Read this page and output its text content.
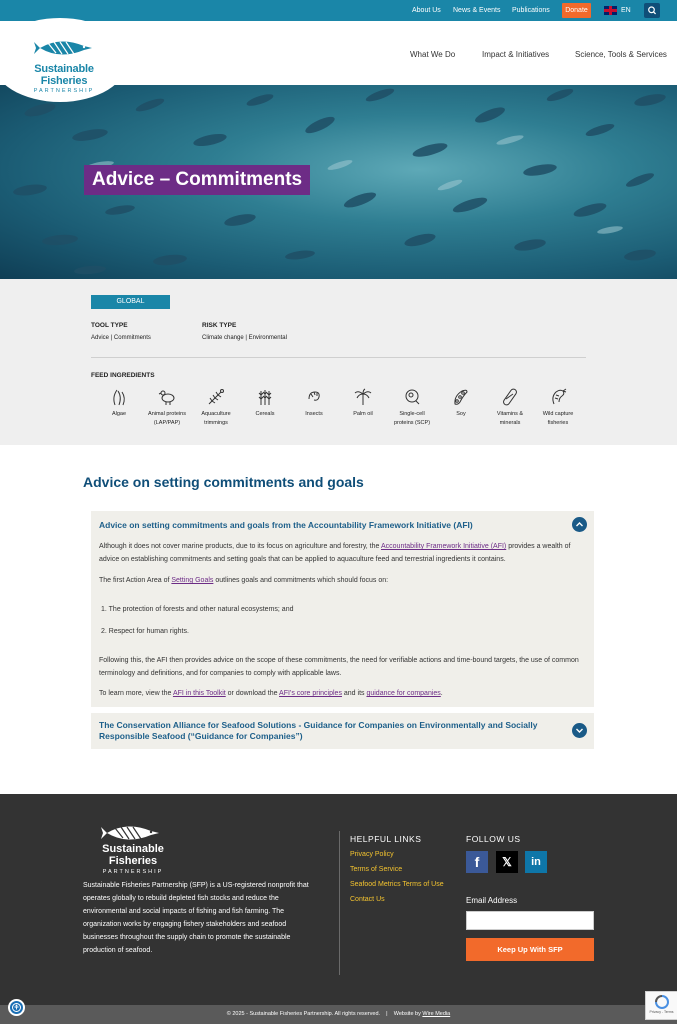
About Us News & Events Publications	Donate	EN
Sustainable Fisheries
PARTNERSHIP
What We Do	Impact & Initiatives	Science, Tools & Services
Advice – Commitments
GLOBAL
TOOL TYPE
Advice | Commitments
RISK TYPE
Climate change | Environmental
FEED INGREDIENTS
Algae	Animal proteins
(LAP/PAP)
Aquaculture
trimmings
Cereals	Insects	Palm oil	Single-cell
proteins (SCP)
Soy	Vitamins &
minerals
Wild capture
fisheries
Advice on setting commitments and goals
Advice on setting commitments and goals from the Accountability Framework Initiative (AFI)

Although it does not cover marine products, due to its focus on agriculture and forestry, the Accountability Framework Initiative (AFI) provides a wealth of advice on establishing commitments and setting goals that can be applied to aquaculture feed and terrestrial ingredients it contains.

The first Action Area of Setting Goals outlines goals and commitments which should focus on:

1. The protection of forests and other natural ecosystems; and

2. Respect for human rights.

Following this, the AFI then provides advice on the scope of these commitments, the need for verifiable actions and time-bound targets, the use of common terminology and definitions, and for companies to comply with applicable laws.

To learn more, view the AFI in this Toolkit or download the AFI’s core principles and its guidance for companies.

The Conservation Alliance for Seafood Solutions - Guidance for Companies on Environmentally and Socially
Responsible Seafood (“Guidance for Companies”)
Sustainable Fisheries
PARTNERSHIP

Sustainable Fisheries Partnership (SFP) is a US-registered nonprofit that operates globally to rebuild depleted fish stocks and reduce the environmental and social impacts of fishing and fish farming. The organization works by engaging fishery stakeholders and seafood businesses throughout the supply chain to promote the sustainable production of seafood.

HELPFUL LINKS
Privacy Policy
Terms of Service
Seafood Metrics Terms of Use
Contact Us
FOLLOW US
f	𝕏	in
Email Address
Keep Up With SFP
© 2025 - Sustainable Fisheries Partnership. All rights reserved. | Website by Wire Media	Privacy - Terms
